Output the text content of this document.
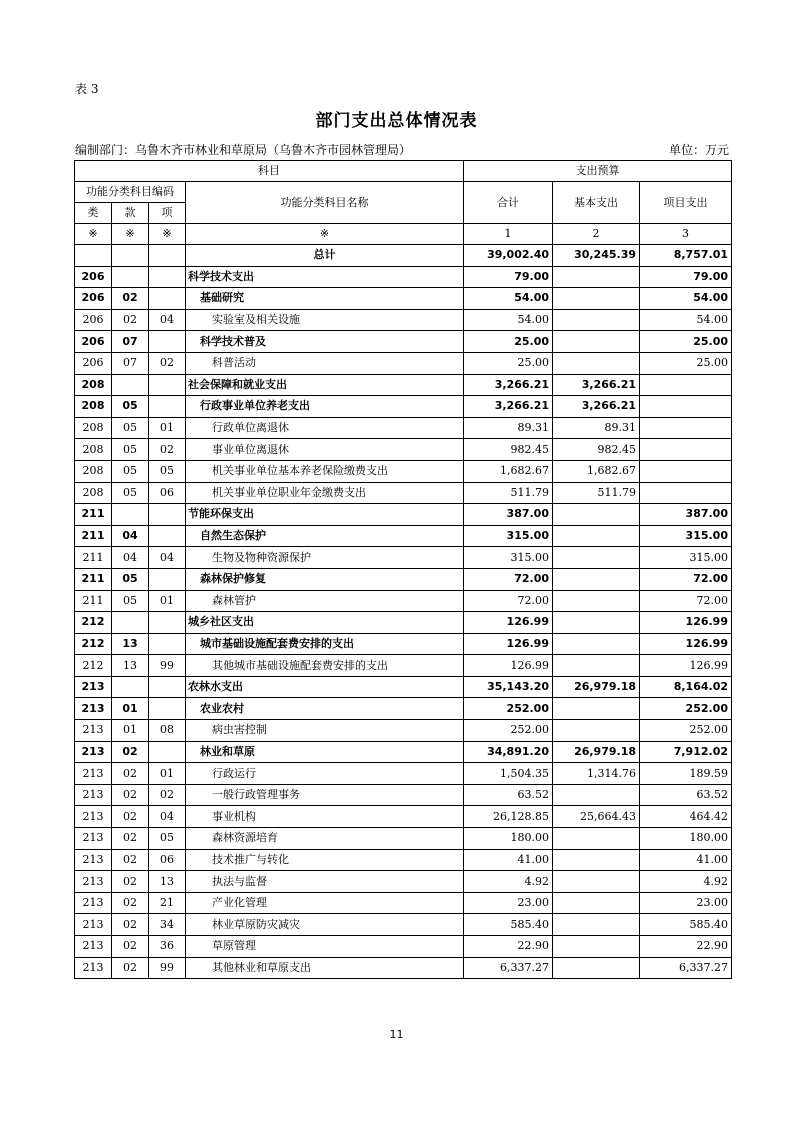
表 3
部门支出总体情况表
编制部门：乌鲁木齐市林业和草原局（乌鲁木齐市园林管理局）	单位：万元
科目				支出预算		
功能分类科目编码			功能分类科目名称	合计	基本支出	项目支出
类	款	项				
※	※	※	※	1	2	3
			总计	39,002.40	30,245.39	8,757.01
206			科学技术支出	79.00		79.00
206	02		基础研究	54.00		54.00
206	02	04	实验室及相关设施	54.00		54.00
206	07		科学技术普及	25.00		25.00
206	07	02	科普活动	25.00		25.00
208			社会保障和就业支出	3,266.21	3,266.21	
208	05		行政事业单位养老支出	3,266.21	3,266.21	
208	05	01	行政单位离退休	89.31	89.31	
208	05	02	事业单位离退休	982.45	982.45	
208	05	05	机关事业单位基本养老保险缴费支出	1,682.67	1,682.67	
208	05	06	机关事业单位职业年金缴费支出	511.79	511.79	
211			节能环保支出	387.00		387.00
211	04		自然生态保护	315.00		315.00
211	04	04	生物及物种资源保护	315.00		315.00
211	05		森林保护修复	72.00		72.00
211	05	01	森林管护	72.00		72.00
212			城乡社区支出	126.99		126.99
212	13		城市基础设施配套费安排的支出	126.99		126.99
212	13	99	其他城市基础设施配套费安排的支出	126.99		126.99
213			农林水支出	35,143.20	26,979.18	8,164.02
213	01		农业农村	252.00		252.00
213	01	08	病虫害控制	252.00		252.00
213	02		林业和草原	34,891.20	26,979.18	7,912.02
213	02	01	行政运行	1,504.35	1,314.76	189.59
213	02	02	一般行政管理事务	63.52		63.52
213	02	04	事业机构	26,128.85	25,664.43	464.42
213	02	05	森林资源培育	180.00		180.00
213	02	06	技术推广与转化	41.00		41.00
213	02	13	执法与监督	4.92		4.92
213	02	21	产业化管理	23.00		23.00
213	02	34	林业草原防灾减灾	585.40		585.40
213	02	36	草原管理	22.90		22.90
213	02	99	其他林业和草原支出	6,337.27		6,337.27
11
